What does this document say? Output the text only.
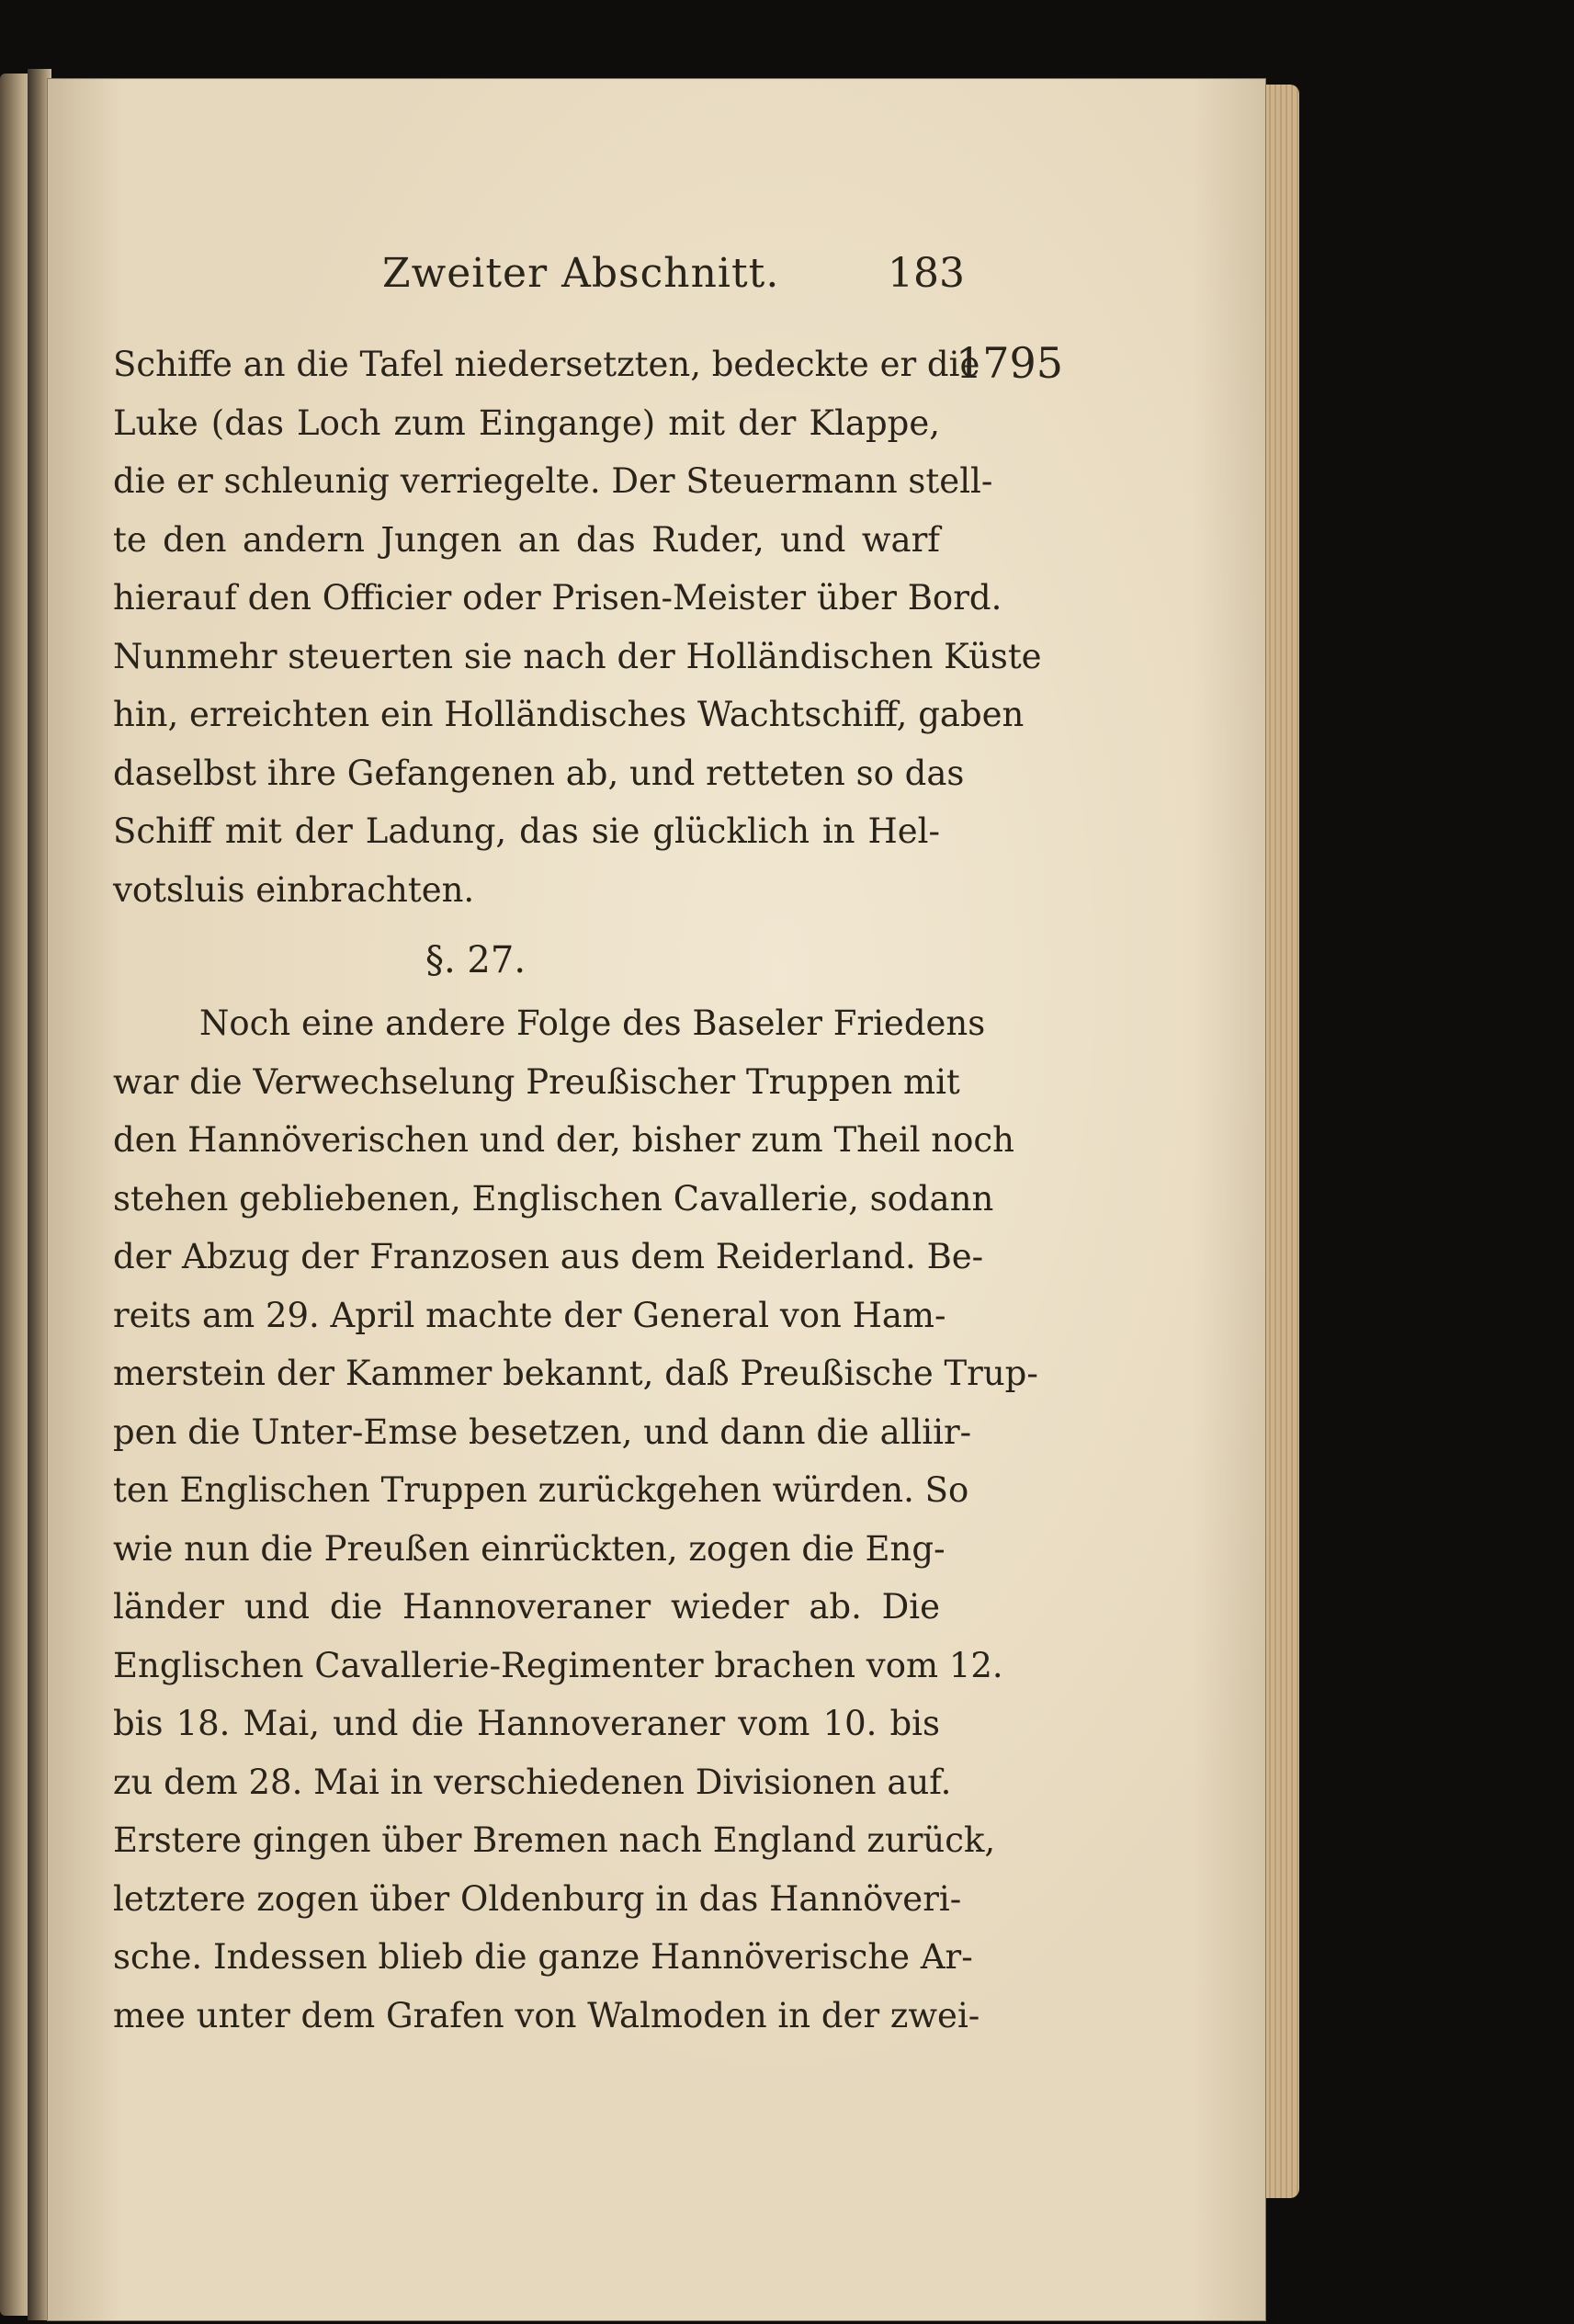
Zweiter Abschnitt.	183
1795
Schiffe an die Tafel niedersetzten, bedeckte er die
Luke (das Loch zum Eingange) mit der Klappe,
die er schleunig verriegelte. Der Steuermann stell-
te den andern Jungen an das Ruder, und warf
hierauf den Officier oder Prisen-Meister über Bord.
Nunmehr steuerten sie nach der Holländischen Küste
hin, erreichten ein Holländisches Wachtschiff, gaben
daselbst ihre Gefangenen ab, und retteten so das
Schiff mit der Ladung, das sie glücklich in Hel-
votsluis einbrachten.
§. 27.
Noch eine andere Folge des Baseler Friedens
war die Verwechselung Preußischer Truppen mit
den Hannöverischen und der, bisher zum Theil noch
stehen gebliebenen, Englischen Cavallerie, sodann
der Abzug der Franzosen aus dem Reiderland. Be-
reits am 29. April machte der General von Ham-
merstein der Kammer bekannt, daß Preußische Trup-
pen die Unter-Emse besetzen, und dann die alliir-
ten Englischen Truppen zurückgehen würden. So
wie nun die Preußen einrückten, zogen die Eng-
länder und die Hannoveraner wieder ab. Die
Englischen Cavallerie-Regimenter brachen vom 12.
bis 18. Mai, und die Hannoveraner vom 10. bis
zu dem 28. Mai in verschiedenen Divisionen auf.
Erstere gingen über Bremen nach England zurück,
letztere zogen über Oldenburg in das Hannöveri-
sche. Indessen blieb die ganze Hannöverische Ar-
mee unter dem Grafen von Walmoden in der zwei-
